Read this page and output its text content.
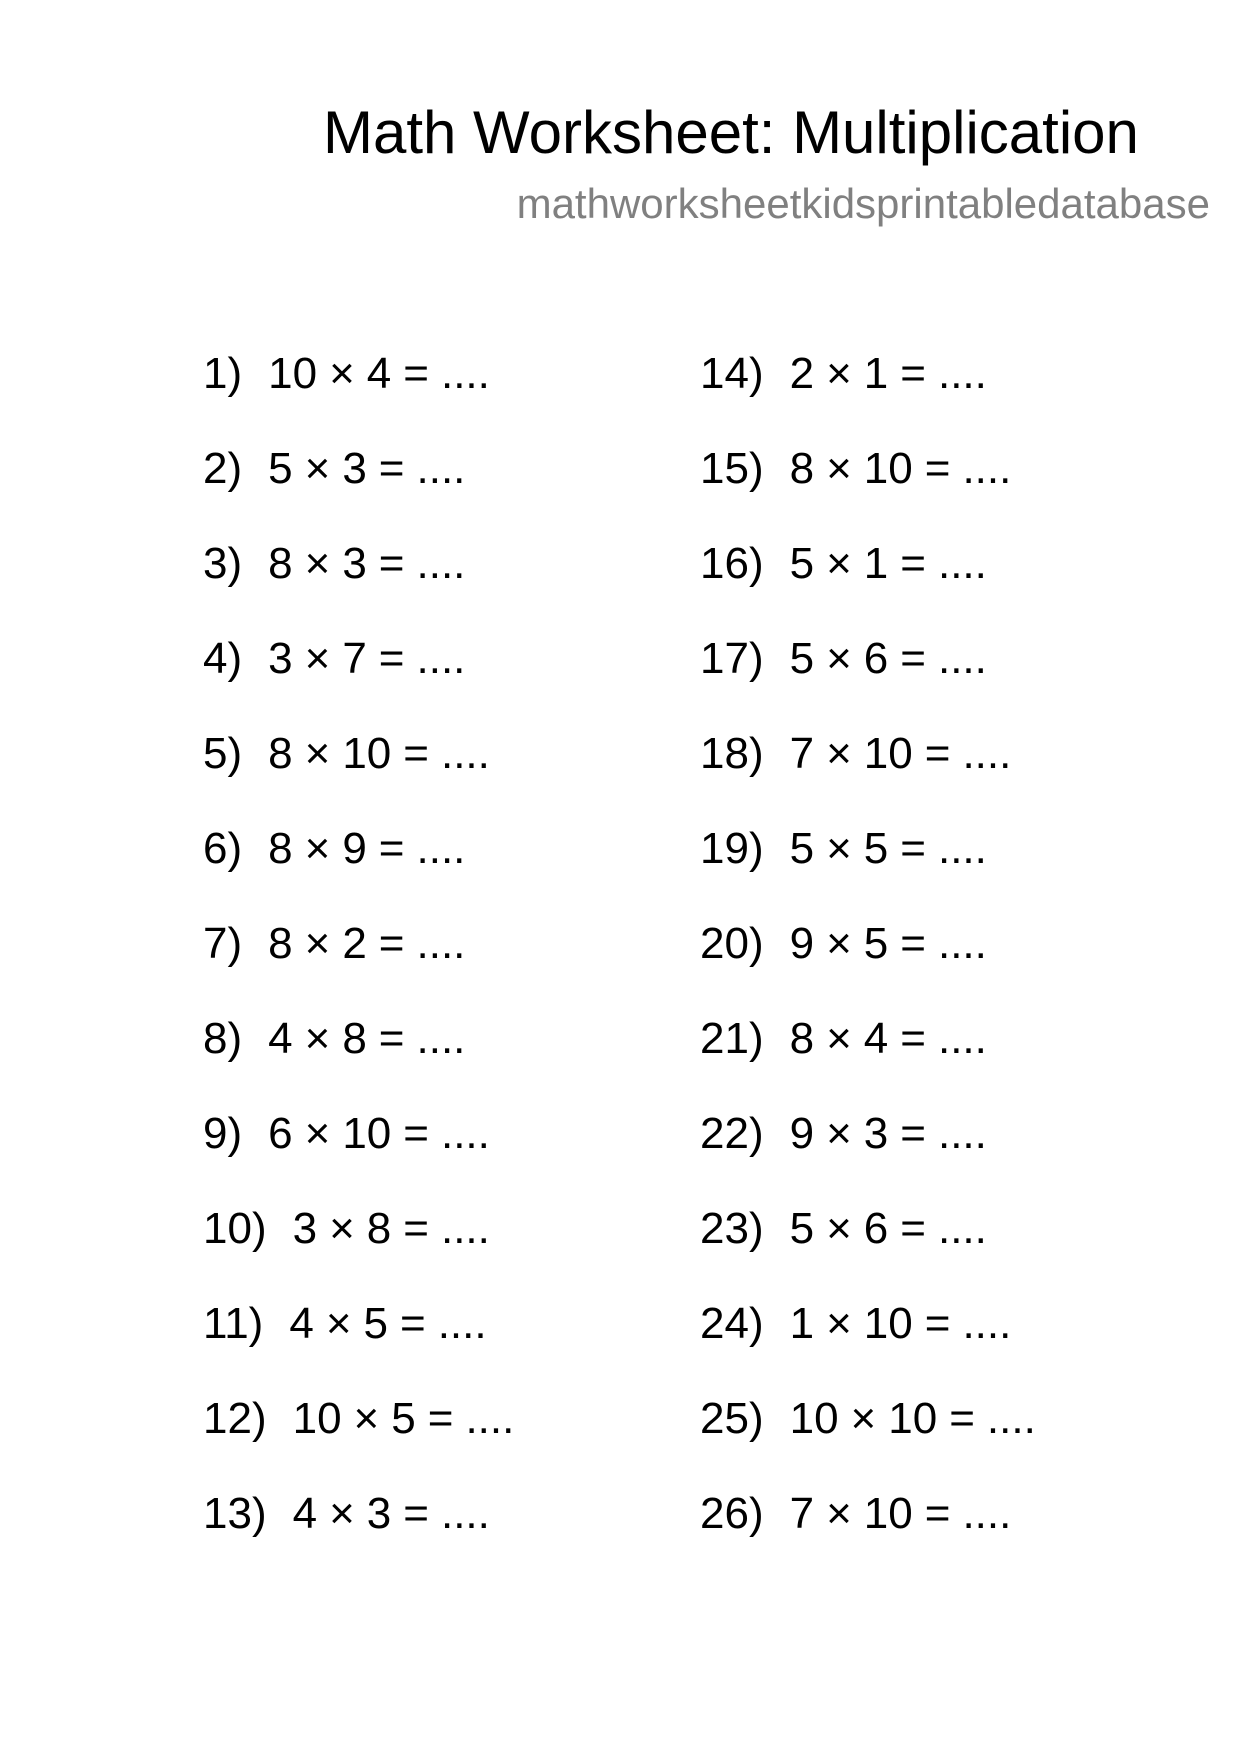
Math Worksheet: Multiplication
mathworksheetkidsprintabledatabase
1) 10 × 4 = ....
2) 5 × 3 = ....
3) 8 × 3 = ....
4) 3 × 7 = ....
5) 8 × 10 = ....
6) 8 × 9 = ....
7) 8 × 2 = ....
8) 4 × 8 = ....
9) 6 × 10 = ....
10) 3 × 8 = ....
11) 4 × 5 = ....
12) 10 × 5 = ....
13) 4 × 3 = ....
14) 2 × 1 = ....
15) 8 × 10 = ....
16) 5 × 1 = ....
17) 5 × 6 = ....
18) 7 × 10 = ....
19) 5 × 5 = ....
20) 9 × 5 = ....
21) 8 × 4 = ....
22) 9 × 3 = ....
23) 5 × 6 = ....
24) 1 × 10 = ....
25) 10 × 10 = ....
26) 7 × 10 = ....
